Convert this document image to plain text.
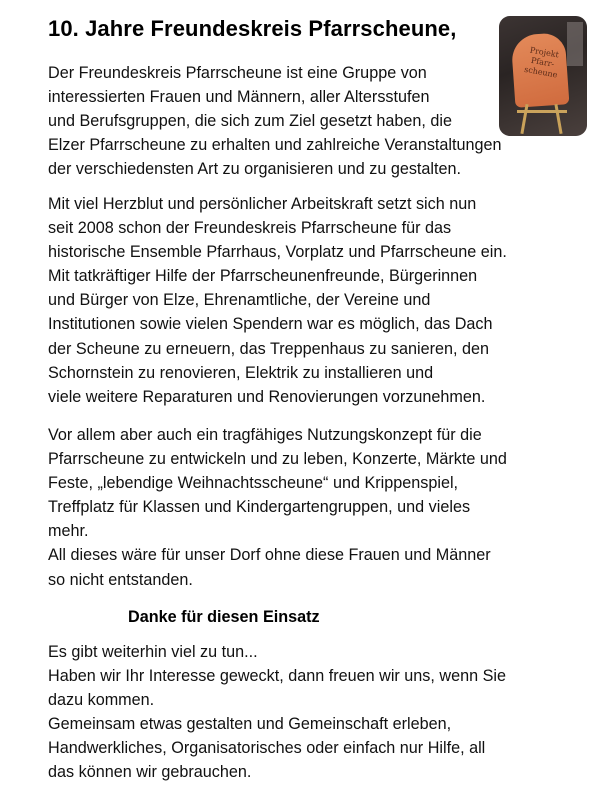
10. Jahre Freundeskreis Pfarrscheune,
Projekt Pfarr-scheune

Der Freundeskreis Pfarrscheune ist eine Gruppe von
interessierten Frauen und Männern, aller Altersstufen
und Berufsgruppen, die sich zum Ziel gesetzt haben, die
Elzer Pfarrscheune zu erhalten und zahlreiche Veranstaltungen
der verschiedensten Art zu organisieren und zu gestalten.

Mit viel Herzblut und persönlicher Arbeitskraft setzt sich nun
seit 2008 schon der Freundeskreis Pfarrscheune für das
historische Ensemble Pfarrhaus, Vorplatz und Pfarrscheune ein.
Mit tatkräftiger Hilfe der Pfarrscheunenfreunde, Bürgerinnen
und Bürger von Elze, Ehrenamtliche, der Vereine und
Institutionen sowie vielen Spendern war es möglich, das Dach
der Scheune zu erneuern, das Treppenhaus zu sanieren, den
Schornstein zu renovieren, Elektrik zu installieren und
viele weitere Reparaturen und Renovierungen vorzunehmen.

Vor allem aber auch ein tragfähiges Nutzungskonzept für die
Pfarrscheune zu entwickeln und zu leben, Konzerte, Märkte und
Feste, „lebendige Weihnachtsscheune“ und Krippenspiel,
Treffplatz für Klassen und Kindergartengruppen, und vieles
mehr.
All dieses wäre für unser Dorf ohne diese Frauen und Männer
so nicht entstanden.

Danke für diesen Einsatz

Es gibt weiterhin viel zu tun...
Haben wir Ihr Interesse geweckt, dann freuen wir uns, wenn Sie
dazu kommen.
Gemeinsam etwas gestalten und Gemeinschaft erleben,
Handwerkliches, Organisatorisches oder einfach nur Hilfe, all
das können wir gebrauchen.
